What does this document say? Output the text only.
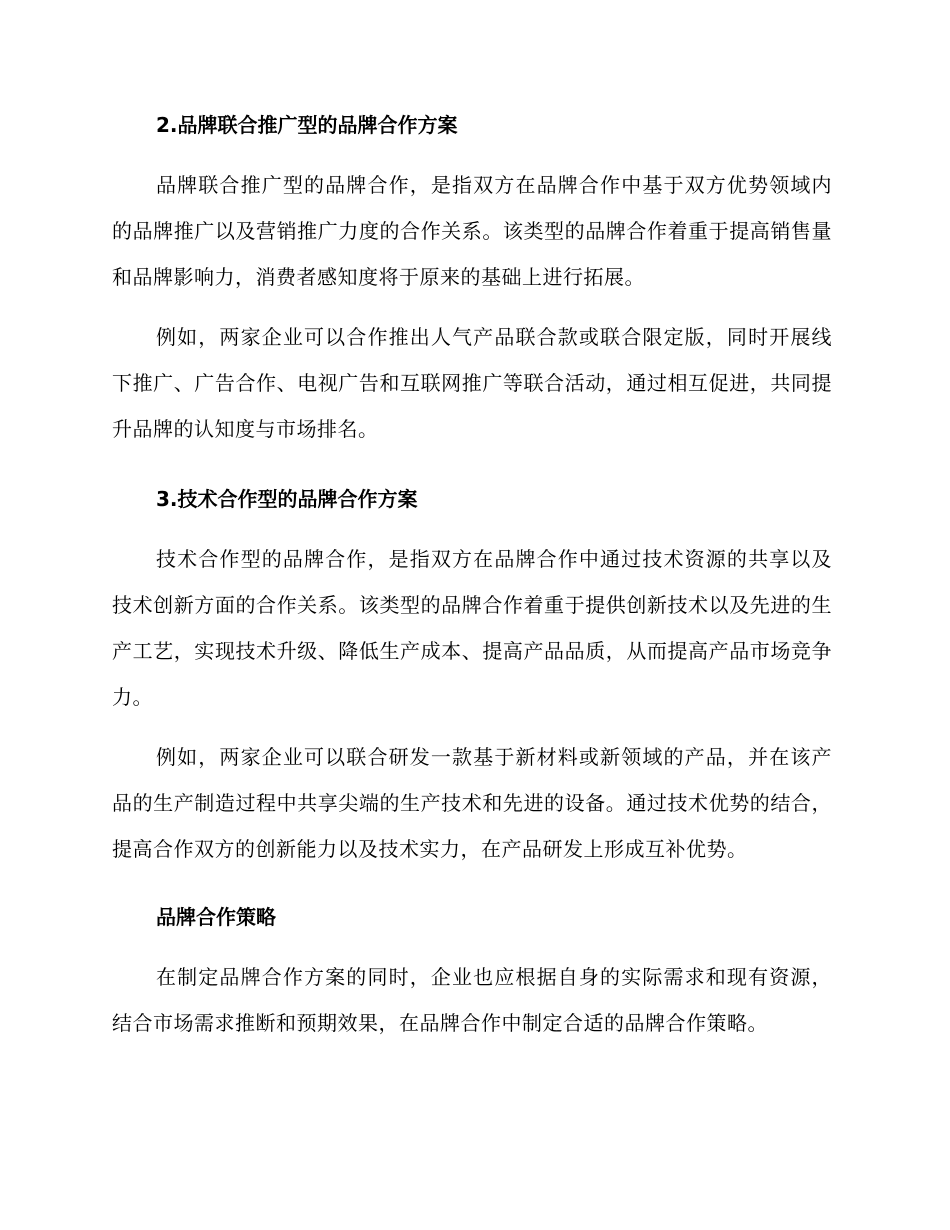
2.品牌联合推广型的品牌合作方案

品牌联合推广型的品牌合作，是指双方在品牌合作中基于双方优势领域内的品牌推广以及营销推广力度的合作关系。该类型的品牌合作着重于提高销售量和品牌影响力，消费者感知度将于原来的基础上进行拓展。

例如，两家企业可以合作推出人气产品联合款或联合限定版，同时开展线下推广、广告合作、电视广告和互联网推广等联合活动，通过相互促进，共同提升品牌的认知度与市场排名。

3.技术合作型的品牌合作方案

技术合作型的品牌合作，是指双方在品牌合作中通过技术资源的共享以及技术创新方面的合作关系。该类型的品牌合作着重于提供创新技术以及先进的生产工艺，实现技术升级、降低生产成本、提高产品品质，从而提高产品市场竞争力。

例如，两家企业可以联合研发一款基于新材料或新领域的产品，并在该产品的生产制造过程中共享尖端的生产技术和先进的设备。通过技术优势的结合，提高合作双方的创新能力以及技术实力，在产品研发上形成互补优势。

品牌合作策略

在制定品牌合作方案的同时，企业也应根据自身的实际需求和现有资源，结合市场需求推断和预期效果，在品牌合作中制定合适的品牌合作策略。
